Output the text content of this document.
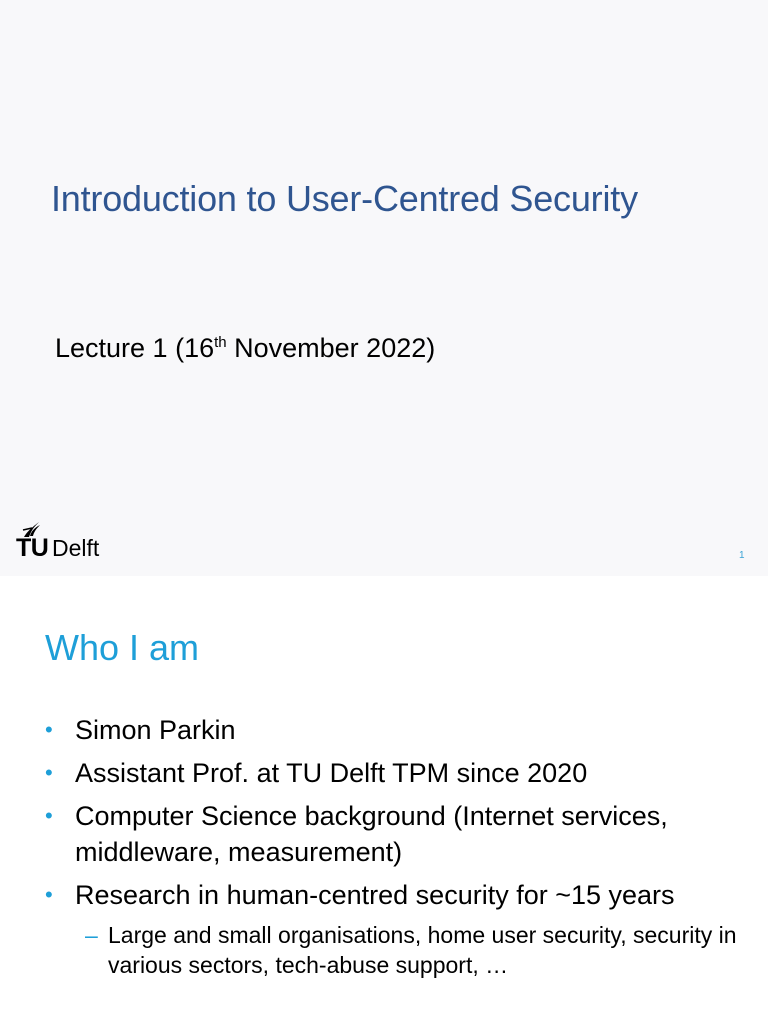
Introduction to User-Centred Security

Lecture 1 (16th November 2022)

TU Delft	1
Who I am
• Simon Parkin
• Assistant Prof. at TU Delft TPM since 2020
• Computer Science background (Internet services, middleware, measurement)
• Research in human-centred security for ~15 years
– Large and small organisations, home user security, security in various sectors, tech-abuse support, …
